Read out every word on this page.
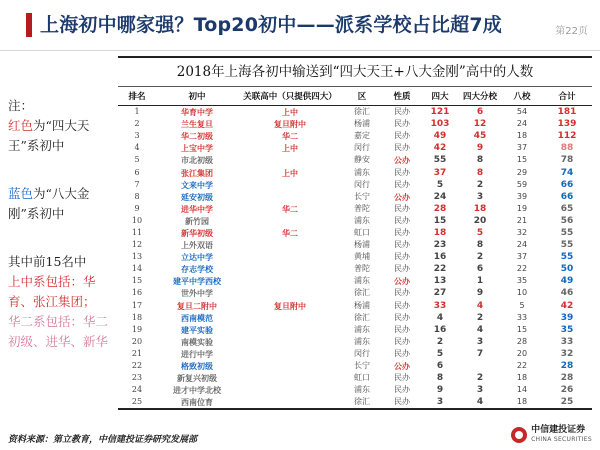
上海初中哪家强？Top20初中——派系学校占比超7成	第22页
注：
红色为“四大天王”系初中
蓝色为“八大金刚”系初中
其中前15名中
上中系包括：华育、张江集团；
华二系包括：华二初级、进华、新华
2018年上海各初中输送到“四大天王+八大金刚”高中的人数
排名	初中	关联高中（只提供四大）	区	性质	四大	四大分校	八校	合计
1	华育中学	上中	徐汇	民办	121	6	54	181
2	兰生复旦	复旦附中	杨浦	民办	103	12	24	139
3	华二初级	华二	嘉定	民办	49	45	18	112
4	上宝中学	上中	闵行	民办	42	9	37	88
5	市北初级		静安	公办	55	8	15	78
6	张江集团	上中	浦东	民办	37	8	29	74
7	文来中学		闵行	民办	5	2	59	66
8	延安初级		长宁	公办	24	3	39	66
9	进华中学	华二	普陀	民办	28	18	19	65
10	新竹园		浦东	民办	15	20	21	56
11	新华初级	华二	虹口	民办	18	5	32	55
12	上外双语		杨浦	民办	23	8	24	55
13	立达中学		黄埔	民办	16	2	37	55
14	存志学校		普陀	民办	22	6	22	50
15	建平中学西校		浦东	公办	13	1	35	49
16	世外中学		徐汇	民办	27	9	10	46
17	复旦二附中	复旦附中	杨浦	民办	33	4	5	42
18	西南模范		徐汇	民办	4	2	33	39
19	建平实验		浦东	民办	16	4	15	35
20	南模实验		浦东	民办	2	3	28	33
21	进行中学		闵行	民办	5	7	20	32
22	格致初级		长宁	公办	6		22	28
23	新复兴初级		虹口	民办	8	2	18	28
24	进才中学北校		浦东	民办	9	3	14	26
25	西南位育		徐汇	民办	3	4	18	25
资料来源：第立教育，中信建投证券研究发展部
中信建投证券
CHINA SECURITIES
